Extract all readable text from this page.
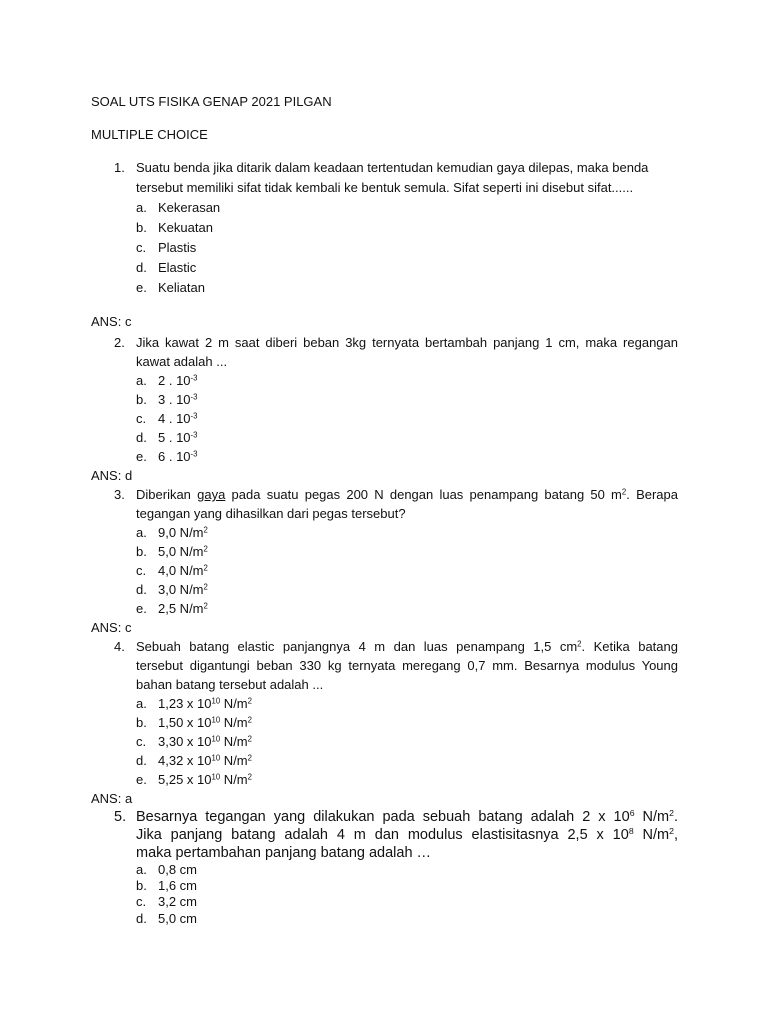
SOAL UTS FISIKA GENAP 2021 PILGAN
MULTIPLE CHOICE
1. Suatu benda jika ditarik dalam keadaan tertentudan kemudian gaya dilepas, maka benda
tersebut memiliki sifat tidak kembali ke bentuk semula. Sifat seperti ini disebut sifat......
a. Kekerasan
b. Kekuatan
c. Plastis
d. Elastic
e. Keliatan
ANS: c
2. Jika kawat 2 m saat diberi beban 3kg ternyata bertambah panjang 1 cm, maka regangan
kawat adalah ...
a. 2 . $10^{-3}$
b. 3 . $10^{-3}$
c. 4 . $10^{-3}$
d. 5 . $10^{-3}$
e. 6 . $10^{-3}$
ANS: d
3. Diberikan gaya pada suatu pegas 200 N dengan luas penampang batang 50 $m^2$. Berapa
tegangan yang dihasilkan dari pegas tersebut?
a. 9,0 $N/m^2$
b. 5,0 $N/m^2$
c. 4,0 $N/m^2$
d. 3,0 $N/m^2$
e. 2,5 $N/m^2$
ANS: c
4. Sebuah batang elastic panjangnya 4 m dan luas penampang 1,5 $cm^2$. Ketika batang
tersebut digantungi beban 330 kg ternyata meregang 0,7 mm. Besarnya modulus Young
bahan batang tersebut adalah ...
a. 1,23 x $10^{10}$ $N/m^2$
b. 1,50 x $10^{10}$ $N/m^2$
c. 3,30 x $10^{10}$ $N/m^2$
d. 4,32 x $10^{10}$ $N/m^2$
e. 5,25 x $10^{10}$ $N/m^2$
ANS: a
5. Besarnya tegangan yang dilakukan pada sebuah batang adalah 2 x $10^6$ $N/m^2$.
Jika panjang batang adalah 4 m dan modulus elastisitasnya 2,5 x $10^8$ $N/m^2$,
maka pertambahan panjang batang adalah …
a. 0,8 cm
b. 1,6 cm
c. 3,2 cm
d. 5,0 cm
